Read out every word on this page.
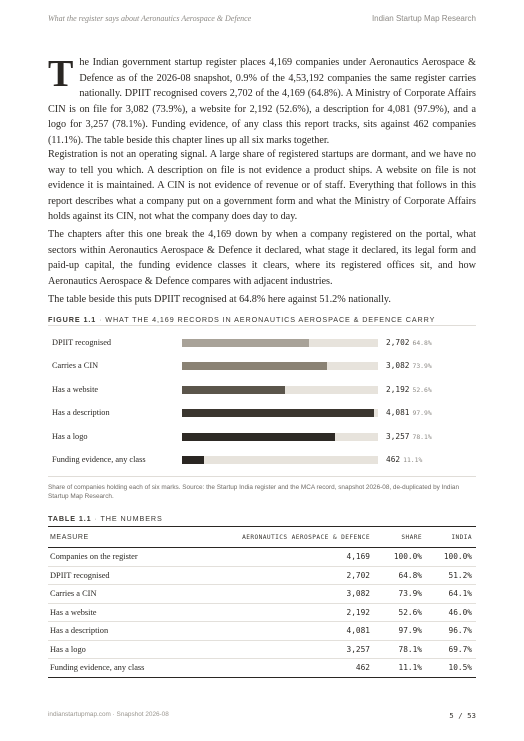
What the register says about Aeronautics Aerospace & Defence	Indian Startup Map Research

The Indian government startup register places 4,169 companies under Aeronautics Aerospace & Defence as of the 2026-08 snapshot, 0.9% of the 4,53,192 companies the same register carries nationally. DPIIT recognised covers 2,702 of the 4,169 (64.8%). A Ministry of Corporate Affairs CIN is on file for 3,082 (73.9%), a website for 2,192 (52.6%), a description for 4,081 (97.9%), and a logo for 3,257 (78.1%). Funding evidence, of any class this report tracks, sits against 462 companies (11.1%). The table beside this chapter lines up all six marks together.

Registration is not an operating signal. A large share of registered startups are dormant, and we have no way to tell you which. A description on file is not evidence a product ships. A website on file is not evidence it is maintained. A CIN is not evidence of revenue or of staff. Everything that follows in this report describes what a company put on a government form and what the Ministry of Corporate Affairs holds against its CIN, not what the company does day to day.

The chapters after this one break the 4,169 down by when a company registered on the portal, what sectors within Aeronautics Aerospace & Defence it declared, what stage it declared, its legal form and paid-up capital, the funding evidence classes it clears, where its registered offices sit, and how Aeronautics Aerospace & Defence compares with adjacent industries.

The table beside this puts DPIIT recognised at 64.8% here against 51.2% nationally.

FIGURE 1.1 · WHAT THE 4,169 RECORDS IN AERONAUTICS AEROSPACE & DEFENCE CARRY
DPIIT recognised	2,702 64.8%
Carries a CIN	3,082 73.9%
Has a website	2,192 52.6%
Has a description	4,081 97.9%
Has a logo	3,257 78.1%
Funding evidence, any class	462 11.1%

Share of companies holding each of six marks. Source: the Startup India register and the MCA record, snapshot 2026-08, de-duplicated by Indian Startup Map Research.

TABLE 1.1 · THE NUMBERS
MEASURE	AERONAUTICS AEROSPACE & DEFENCE	SHARE	INDIA
Companies on the register	4,169	100.0%	100.0%
DPIIT recognised	2,702	64.8%	51.2%
Carries a CIN	3,082	73.9%	64.1%
Has a website	2,192	52.6%	46.0%
Has a description	4,081	97.9%	96.7%
Has a logo	3,257	78.1%	69.7%
Funding evidence, any class	462	11.1%	10.5%
indianstartupmap.com · Snapshot 2026-08	5 / 53
